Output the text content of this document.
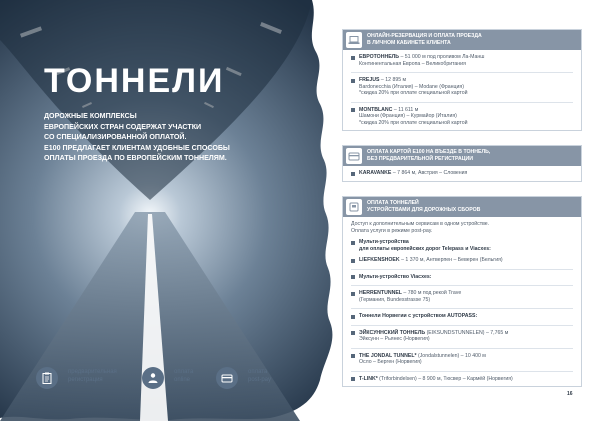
ТОННЕЛИ

ДОРОЖНЫЕ КОМПЛЕКСЫ
ЕВРОПЕЙСКИХ СТРАН СОДЕРЖАТ УЧАСТКИ
СО СПЕЦИАЛИЗИРОВАННОЙ ОПЛАТОЙ.
E100 ПРЕДЛАГАЕТ КЛИЕНТАМ УДОБНЫЕ СПОСОБЫ
ОПЛАТЫ ПРОЕЗДА ПО ЕВРОПЕЙСКИМ ТОННЕЛЯМ.

предварительная
регистрация
оплата
online
оплата
post-pay
ОНЛАЙН-РЕЗЕРВАЦИЯ И ОПЛАТА ПРОЕЗДА
В ЛИЧНОМ КАБИНЕТЕ КЛИЕНТА
ЕВРОТОННЕЛЬ – 51 000 м под проливом Ла-Манш
Континентальная Европа – Великобритания
FREJUS – 12 895 м
Bardonecchia (Италия) – Modane (Франция)
*скидка 20% при оплате специальной картой
MONTBLANC – 11 611 м
Шамони (Франция) – Курмайор (Италия)
*скидка 20% при оплате специальной картой
ОПЛАТА КАРТОЙ E100 НА ВЪЕЗДЕ В ТОННЕЛЬ,
БЕЗ ПРЕДВАРИТЕЛЬНОЙ РЕГИСТРАЦИИ
KARAVANKE – 7 864 м, Австрия – Словения
ОПЛАТА ТОННЕЛЕЙ
УСТРОЙСТВАМИ ДЛЯ ДОРОЖНЫХ СБОРОВ
Доступ к дополнительным сервисам в одном устройстве.
Оплата услуги в режиме post-pay.
Мульти-устройства
для оплаты европейских дорог Telepass и Viacxes:
LIEFKENSHOEK – 1 370 м, Антверпен – Беверен (Бельгия)
Мульти-устройство Viacxes:
HERRENTUNNEL – 780 м под рекой Trave
(Германия, Bundesstrasse 75)
Тоннели Норвегии с устройством AUTOPASS:
ЭЙКСУННСКИЙ ТОННЕЛЬ (EIKSUNDSTUNNELEN) – 7,765 м
Эйксунн – Рьянес (Норвегия)
THE JONDAL TUNNEL* (Jondalstunnelen) – 10 400 м
Осло – Берген (Норвегия)
T-LINK* (Triforbindelsen) – 8 900 м, Тюсвер – Кармёй (Норвегия)
16
